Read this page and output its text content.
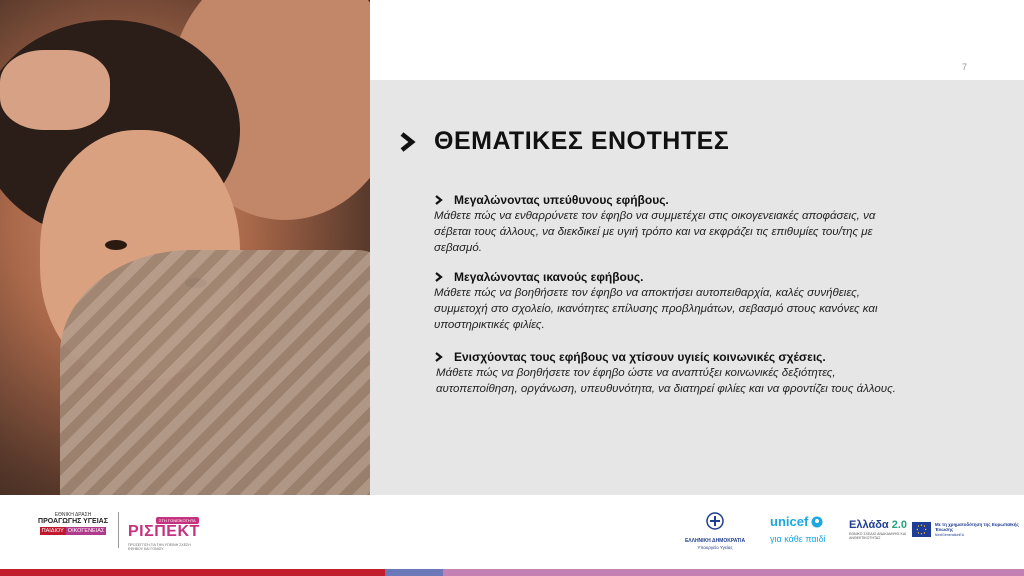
7
ΘΕΜΑΤΙΚΕΣ ΕΝΟΤΗΤΕΣ
Μεγαλώνοντας υπεύθυνους εφήβους.
Μάθετε πώς να ενθαρρύνετε τον έφηβο να συμμετέχει στις οικογενειακές αποφάσεις, να σέβεται τους άλλους, να διεκδικεί με υγιή τρόπο και να εκφράζει τις επιθυμίες του/της με σεβασμό.
Μεγαλώνοντας ικανούς εφήβους.
Μάθετε πώς να βοηθήσετε τον έφηβο να αποκτήσει αυτοπειθαρχία, καλές συνήθειες, συμμετοχή στο σχολείο, ικανότητες επίλυσης προβλημάτων, σεβασμό στους κανόνες και υποστηρικτικές φιλίες.
Ενισχύοντας τους εφήβους να χτίσουν υγιείς κοινωνικές σχέσεις.
Μάθετε πώς να βοηθήσετε τον έφηβο ώστε να αναπτύξει κοινωνικές δεξιότητες, αυτοπεποίθηση, οργάνωση, υπευθυνότητα, να διατηρεί φιλίες και να φροντίζει τους άλλους.
ΕΘΝΙΚΗ ΔΡΑΣΗ
ΠΡΟΑΓΩΓΗΣ ΥΓΕΙΑΣ
ΠΑΙΔΙΟΥ ΟΙΚΟΓΕΝΕΙΑΣ
ΣΤΗ ΓΟΝΕΪΚΟΤΗΤΑ
ΡΙΣΠΕΚΤ
ΠΡΟΣΕΓΓΙΣΗ ΓΙΑ ΤΗΝ ΥΓΙΕΙΝΗ ΣΧΕΣΗ ΕΦΗΒΟΥ ΚΑΙ ΓΟΝΙΟΥ
ΕΛΛΗΝΙΚΗ ΔΗΜΟΚΡΑΤΙΑ
Υπουργείο Υγείας
unicef
για κάθε παιδί
Ελλάδα 2.0
ΕΘΝΙΚΟ ΣΧΕΔΙΟ ΑΝΑΚΑΜΨΗΣ ΚΑΙ ΑΝΘΕΚΤΙΚΟΤΗΤΑΣ
Με τη χρηματοδότηση της Ευρωπαϊκής Ένωσης
NextGenerationEU
